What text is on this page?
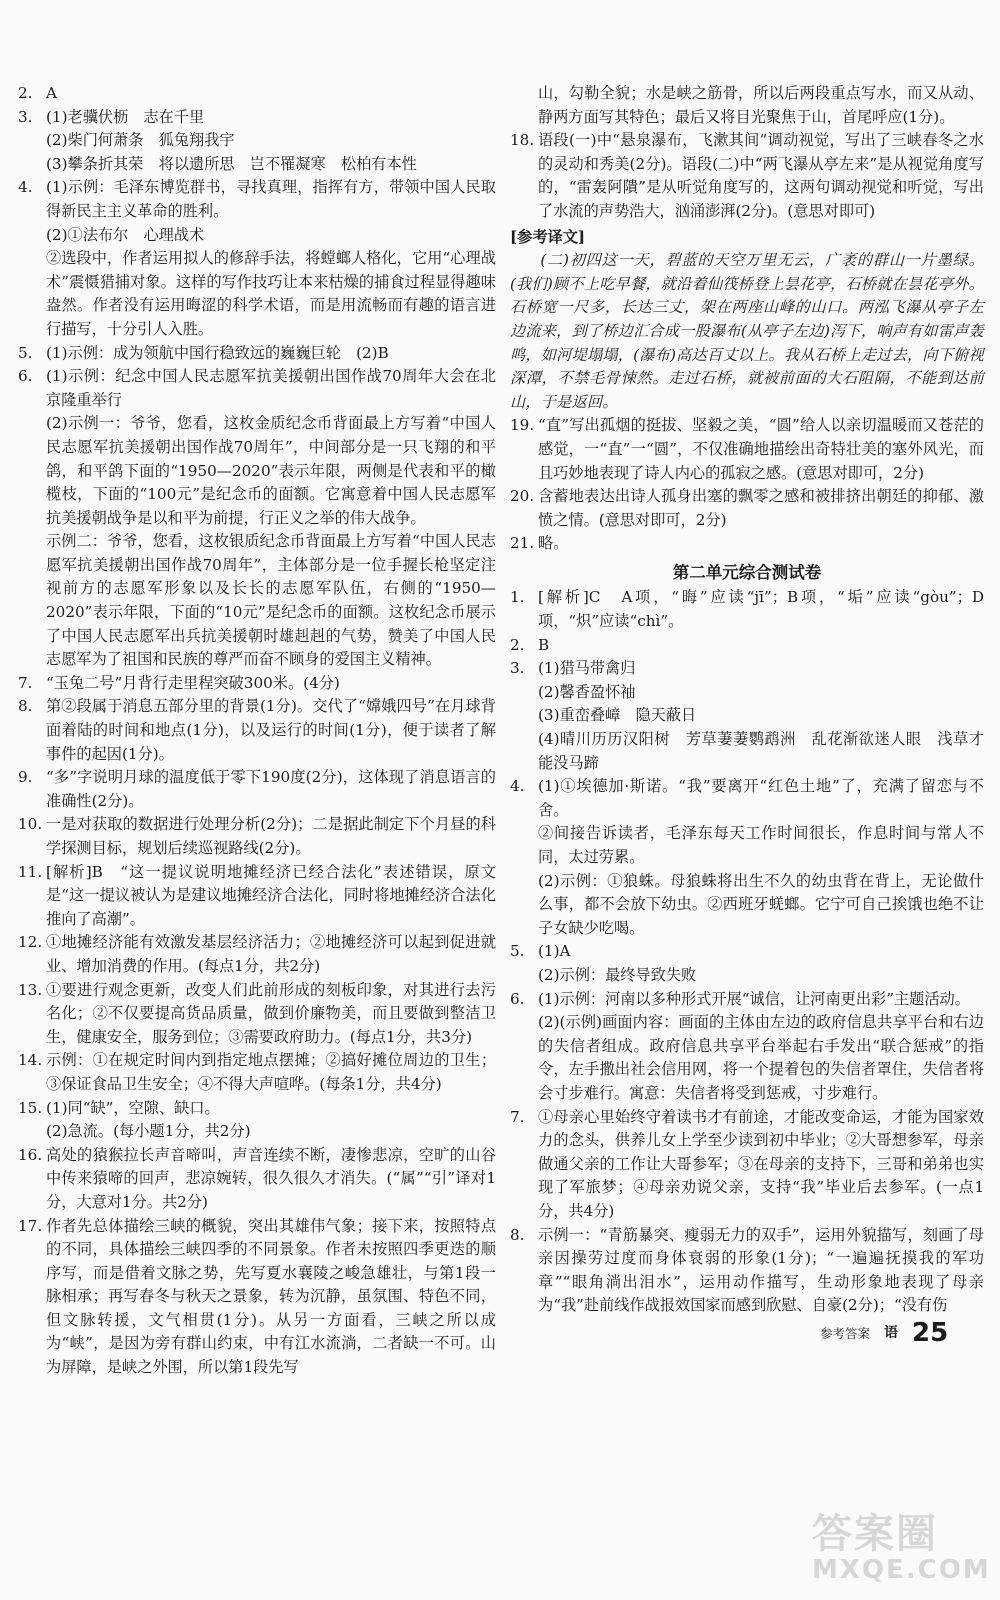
2. A
3. (1)老骥伏枥　志在千里
(2)柴门何萧条　狐兔翔我宇
(3)攀条折其荣　将以遗所思　岂不罹凝寒　松柏有本性
4. (1)示例：毛泽东博览群书，寻找真理，指挥有方，带领中国人民取得新民主主义革命的胜利。
(2)①法布尔　心理战术
②选段中，作者运用拟人的修辞手法，将螳螂人格化，它用“心理战术”震慑猎捕对象。这样的写作技巧让本来枯燥的捕食过程显得趣味盎然。作者没有运用晦涩的科学术语，而是用流畅而有趣的语言进行描写，十分引人入胜。
5. (1)示例：成为领航中国行稳致远的巍巍巨轮　(2)B
6. (1)示例：纪念中国人民志愿军抗美援朝出国作战70周年大会在北京隆重举行
(2)示例一：爷爷，您看，这枚金质纪念币背面最上方写着“中国人民志愿军抗美援朝出国作战70周年”，中间部分是一只飞翔的和平鸽，和平鸽下面的“1950—2020”表示年限，两侧是代表和平的橄榄枝，下面的“100元”是纪念币的面额。它寓意着中国人民志愿军抗美援朝战争是以和平为前提，行正义之举的伟大战争。
示例二：爷爷，您看，这枚银质纪念币背面最上方写着“中国人民志愿军抗美援朝出国作战70周年”，主体部分是一位手握长枪坚定注视前方的志愿军形象以及长长的志愿军队伍，右侧的“1950—2020”表示年限，下面的“10元”是纪念币的面额。这枚纪念币展示了中国人民志愿军出兵抗美援朝时雄赳赳的气势，赞美了中国人民志愿军为了祖国和民族的尊严而奋不顾身的爱国主义精神。
7. “玉兔二号”月背行走里程突破300米。(4分)
8. 第②段属于消息五部分里的背景(1分)。交代了“嫦娥四号”在月球背面着陆的时间和地点(1分)，以及运行的时间(1分)，便于读者了解事件的起因(1分)。
9. “多”字说明月球的温度低于零下190度(2分)，这体现了消息语言的准确性(2分)。
10. 一是对获取的数据进行处理分析(2分)；二是据此制定下个月昼的科学探测目标，规划后续巡视路线(2分)。
11. [解析]B　“这一提议说明地摊经济已经合法化”表述错误，原文是“这一提议被认为是建议地摊经济合法化，同时将地摊经济合法化推向了高潮”。
12. ①地摊经济能有效激发基层经济活力；②地摊经济可以起到促进就业、增加消费的作用。(每点1分，共2分)
13. ①要进行观念更新，改变人们此前形成的刻板印象，对其进行去污名化；②不仅要提高货品质量，做到价廉物美，而且要做到整洁卫生，健康安全，服务到位；③需要政府助力。(每点1分，共3分)
14. 示例：①在规定时间内到指定地点摆摊；②搞好摊位周边的卫生；③保证食品卫生安全；④不得大声喧哗。(每条1分，共4分)
15. (1)同“缺”，空隙、缺口。
(2)急流。(每小题1分，共2分)
16. 高处的猿猴拉长声音啼叫，声音连续不断，凄惨悲凉，空旷的山谷中传来猿啼的回声，悲凉婉转，很久很久才消失。(“属”“引”译对1分，大意对1分。共2分)
17. 作者先总体描绘三峡的概貌，突出其雄伟气象；接下来，按照特点的不同，具体描绘三峡四季的不同景象。作者未按照四季更迭的顺序写，而是借着文脉之势，先写夏水襄陵之峻急雄壮，与第1段一脉相承；再写春冬与秋天之景象，转为沉静，虽氛围、特色不同，但文脉转援，文气相贯(1分)。从另一方面看，三峡之所以成为“峡”，是因为旁有群山约束，中有江水流淌，二者缺一不可。山为屏障，是峡之外围，所以第1段先写
山，勾勒全貌；水是峡之筋骨，所以后两段重点写水，而又从动、静两方面写其特色；最后又将目光聚焦于山，首尾呼应(1分)。
18. 语段(一)中“悬泉瀑布，飞漱其间”调动视觉，写出了三峡春冬之水的灵动和秀美(2分)。语段(二)中“两飞瀑从亭左来”是从视觉角度写的，“雷轰阿隤”是从听觉角度写的，这两句调动视觉和听觉，写出了水流的声势浩大，汹涌澎湃(2分)。(意思对即可)
[参考译文]
(二)初四这一天，碧蓝的天空万里无云，广袤的群山一片墨绿。(我们)顾不上吃早餐，就沿着仙筏桥登上昙花亭，石桥就在昙花亭外。石桥宽一尺多，长达三丈，架在两座山峰的山口。两泓飞瀑从亭子左边流来，到了桥边汇合成一股瀑布(从亭子左边)泻下，响声有如雷声轰鸣，如河堤塌塌，(瀑布)高达百丈以上。我从石桥上走过去，向下俯视深潭，不禁毛骨悚然。走过石桥，就被前面的大石阻隔，不能到达前山，于是返回。
19. “直”写出孤烟的挺拔、坚毅之美，“圆”给人以亲切温暖而又苍茫的感觉，一“直”一“圆”，不仅准确地描绘出奇特壮美的塞外风光，而且巧妙地表现了诗人内心的孤寂之感。(意思对即可，2分)
20. 含蓄地表达出诗人孤身出塞的飘零之感和被排挤出朝廷的抑郁、激愤之情。(意思对即可，2分)
21. 略。
第二单元综合测试卷
1. [解析]C　A项，“晦”应读“jī”；B项，“垢”应读“gòu”；D项，“炽”应读“chì”。
2. B
3. (1)猎马带禽归
(2)馨香盈怀袖
(3)重峦叠嶂　隐天蔽日
(4)晴川历历汉阳树　芳草萋萋鹦鹉洲　乱花渐欲迷人眼　浅草才能没马蹄
4. (1)①埃德加·斯诺。“我”要离开“红色土地”了，充满了留恋与不舍。
②间接告诉读者，毛泽东每天工作时间很长，作息时间与常人不同，太过劳累。
(2)示例：①狼蛛。母狼蛛将出生不久的幼虫背在背上，无论做什么事，都不会放下幼虫。②西班牙蜣螂。它宁可自己挨饿也绝不让子女缺少吃喝。
5. (1)A
(2)示例：最终导致失败
6. (1)示例：河南以多种形式开展“诚信，让河南更出彩”主题活动。
(2)(示例)画面内容：画面的主体由左边的政府信息共享平台和右边的失信者组成。政府信息共享平台举起右手发出“联合惩戒”的指令，左手撒出社会信用网，将一个提着包的失信者罩住，失信者将会寸步难行。寓意：失信者将受到惩戒，寸步难行。
7. ①母亲心里始终守着读书才有前途，才能改变命运，才能为国家效力的念头，供养儿女上学至少读到初中毕业；②大哥想参军，母亲做通父亲的工作让大哥参军；③在母亲的支持下，三哥和弟弟也实现了军旅梦；④母亲劝说父亲，支持“我”毕业后去参军。(一点1分，共4分)
8. 示例一：“青筋暴突、瘦弱无力的双手”，运用外貌描写，刻画了母亲因操劳过度而身体衰弱的形象(1分)；“一遍遍抚摸我的军功章”“眼角淌出泪水”，运用动作描写，生动形象地表现了母亲为“我”赴前线作战报效国家而感到欣慰、自豪(2分)；“没有伤
参考答案 语 25
答案圈
MXQE.COM
